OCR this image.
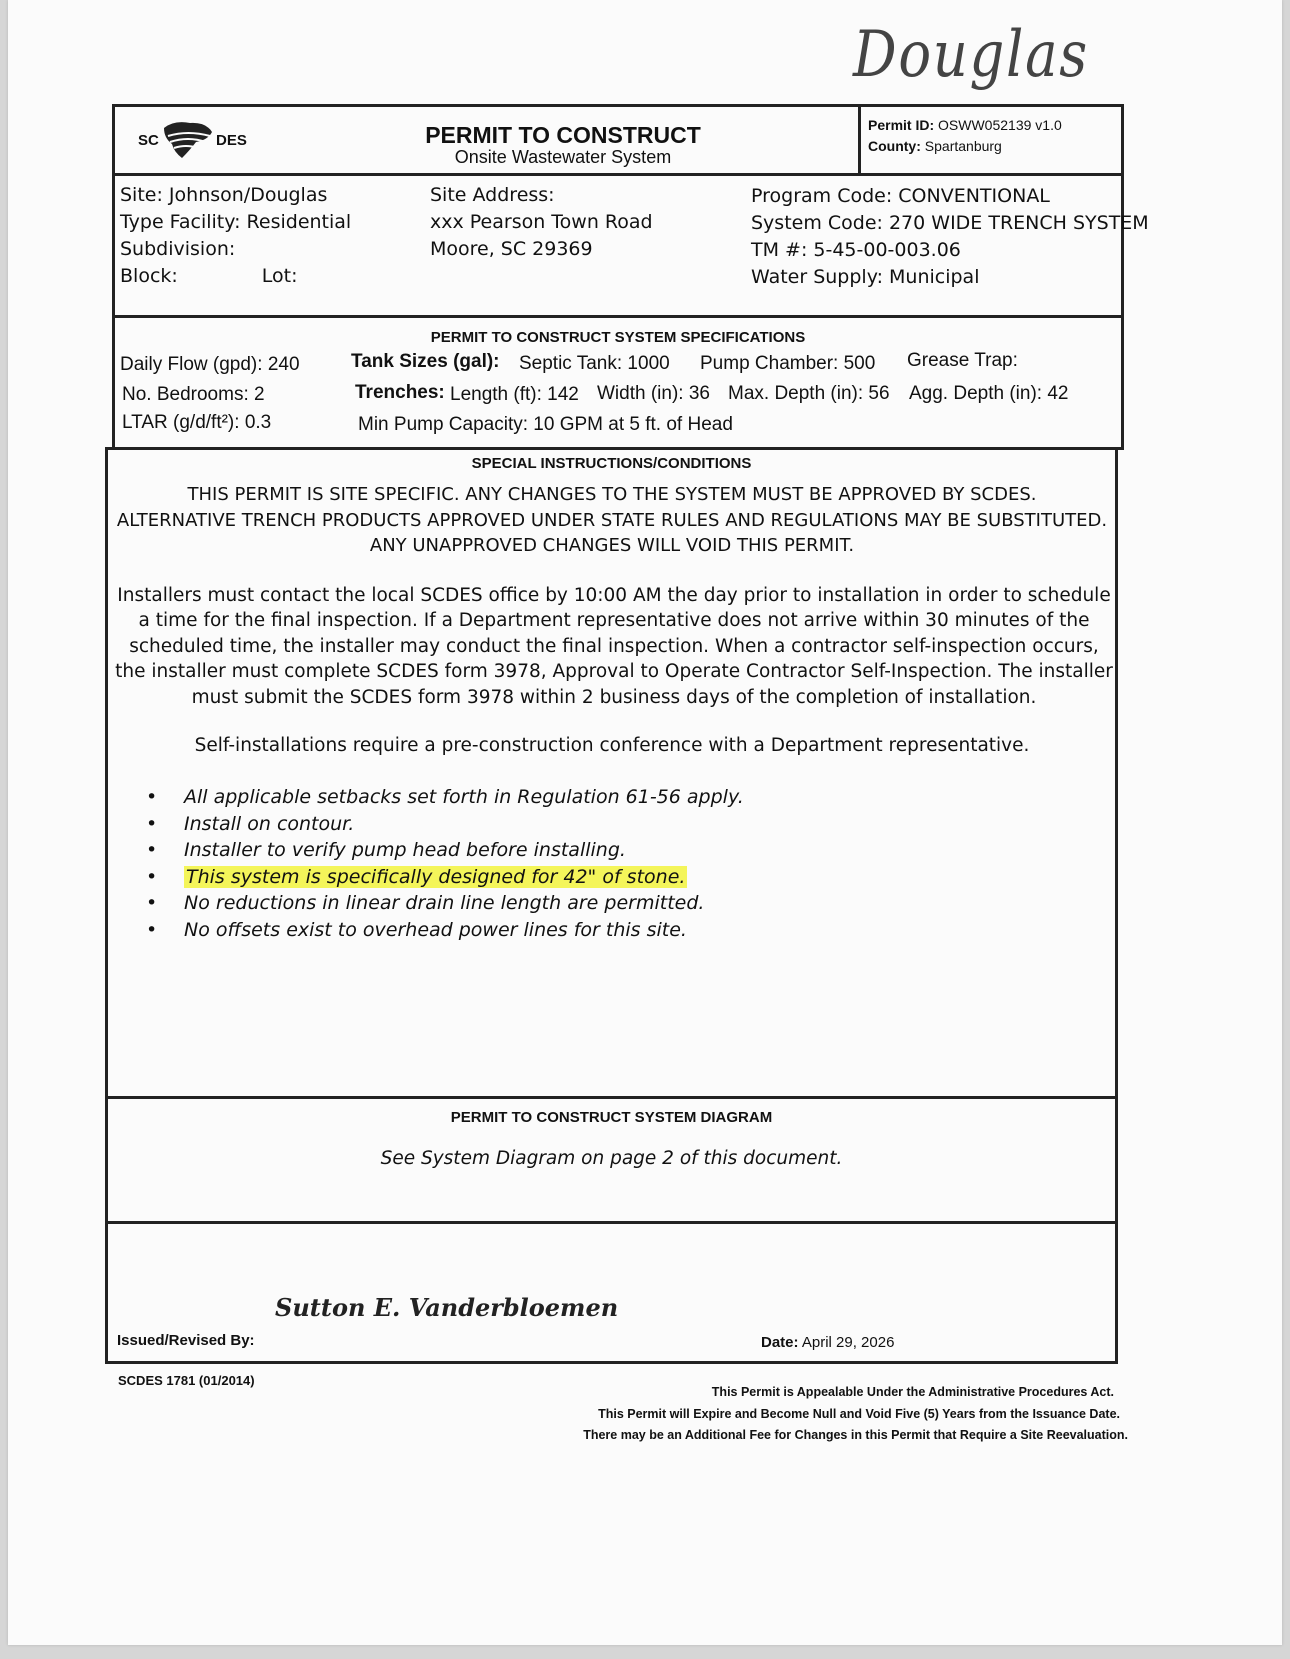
Douglas
SC	DES	PERMIT TO CONSTRUCT
Onsite Wastewater System
Permit ID: OSWW052139 v1.0
County: Spartanburg
Site: Johnson/Douglas
Type Facility: Residential
Subdivision:
Block:	Lot:
Site Address:
xxx Pearson Town Road
Moore, SC 29369
Program Code: CONVENTIONAL
System Code: 270 WIDE TRENCH SYSTEM
TM #: 5-45-00-003.06
Water Supply: Municipal
PERMIT TO CONSTRUCT SYSTEM SPECIFICATIONS
Daily Flow (gpd): 240
No. Bedrooms: 2
LTAR (g/d/ft²): 0.3
Tank Sizes (gal): Septic Tank: 1000 Pump Chamber: 500 Grease Trap:
Trenches: Length (ft): 142 Width (in): 36 Max. Depth (in): 56 Agg. Depth (in): 42
Min Pump Capacity: 10 GPM at 5 ft. of Head
SPECIAL INSTRUCTIONS/CONDITIONS
THIS PERMIT IS SITE SPECIFIC. ANY CHANGES TO THE SYSTEM MUST BE APPROVED BY SCDES.
ALTERNATIVE TRENCH PRODUCTS APPROVED UNDER STATE RULES AND REGULATIONS MAY BE SUBSTITUTED.
ANY UNAPPROVED CHANGES WILL VOID THIS PERMIT.
Installers must contact the local SCDES office by 10:00 AM the day prior to installation in order to schedule a time for the final inspection. If a Department representative does not arrive within 30 minutes of the scheduled time, the installer may conduct the final inspection. When a contractor self-inspection occurs, the installer must complete SCDES form 3978, Approval to Operate Contractor Self-Inspection. The installer must submit the SCDES form 3978 within 2 business days of the completion of installation.
Self-installations require a pre-construction conference with a Department representative.
• All applicable setbacks set forth in Regulation 61-56 apply.
• Install on contour.
• Installer to verify pump head before installing.
• This system is specifically designed for 42" of stone.
• No reductions in linear drain line length are permitted.
• No offsets exist to overhead power lines for this site.
PERMIT TO CONSTRUCT SYSTEM DIAGRAM
See System Diagram on page 2 of this document.
Sutton E. Vanderbloemen
Issued/Revised By:	Date: April 29, 2026
SCDES 1781 (01/2014)
This Permit is Appealable Under the Administrative Procedures Act.
This Permit will Expire and Become Null and Void Five (5) Years from the Issuance Date.
There may be an Additional Fee for Changes in this Permit that Require a Site Reevaluation.
